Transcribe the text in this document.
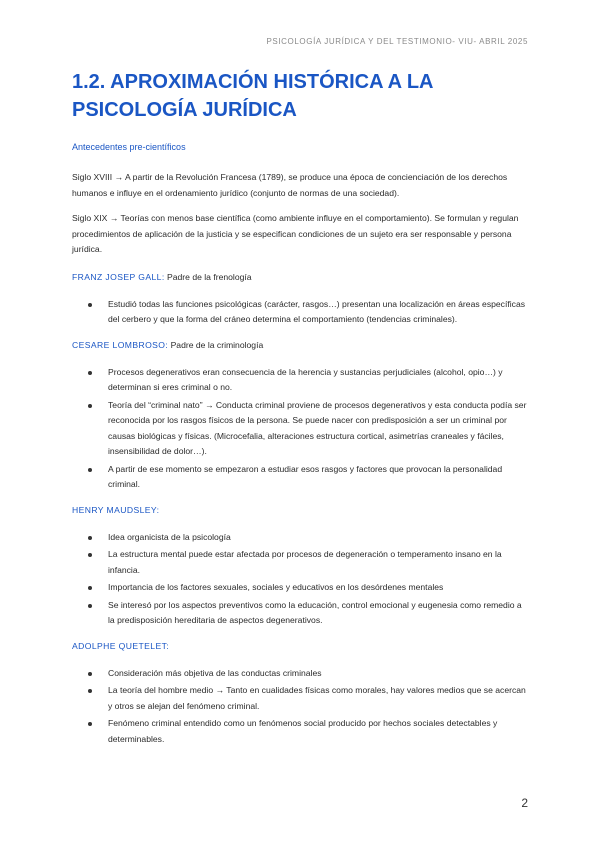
PSICOLOGÍA JURÍDICA Y DEL TESTIMONIO- VIU- ABRIL 2025
1.2. APROXIMACIÓN HISTÓRICA A LA PSICOLOGÍA JURÍDICA

Antecedentes pre-científicos

Siglo XVIII → A partir de la Revolución Francesa (1789), se produce una época de concienciación de los derechos humanos e influye en el ordenamiento jurídico (conjunto de normas de una sociedad).

Siglo XIX → Teorías con menos base científica (como ambiente influye en el comportamiento). Se formulan y regulan procedimientos de aplicación de la justicia y se especifican condiciones de un sujeto era ser responsable y persona jurídica.

FRANZ JOSEP GALL: Padre de la frenología

Estudió todas las funciones psicológicas (carácter, rasgos…) presentan una localización en áreas específicas del cerbero y que la forma del cráneo determina el comportamiento (tendencias criminales).

CESARE LOMBROSO: Padre de la criminología

Procesos degenerativos eran consecuencia de la herencia y sustancias perjudiciales (alcohol, opio…) y determinan si eres criminal o no.
Teoría del “criminal nato” → Conducta criminal proviene de procesos degenerativos y esta conducta podía ser reconocida por los rasgos físicos de la persona. Se puede nacer con predisposición a ser un criminal por causas biológicas y físicas. (Microcefalia, alteraciones estructura cortical, asimetrías craneales y fáciles, insensibilidad de dolor…).
A partir de ese momento se empezaron a estudiar esos rasgos y factores que provocan la personalidad criminal.

HENRY MAUDSLEY:

Idea organicista de la psicología
La estructura mental puede estar afectada por procesos de degeneración o temperamento insano en la infancia.
Importancia de los factores sexuales, sociales y educativos en los desórdenes mentales
Se interesó por los aspectos preventivos como la educación, control emocional y eugenesia como remedio a la predisposición hereditaria de aspectos degenerativos.

ADOLPHE QUETELET:

Consideración más objetiva de las conductas criminales
La teoría del hombre medio → Tanto en cualidades físicas como morales, hay valores medios que se acercan y otros se alejan del fenómeno criminal.
Fenómeno criminal entendido como un fenómenos social producido por hechos sociales detectables y determinables.
2
